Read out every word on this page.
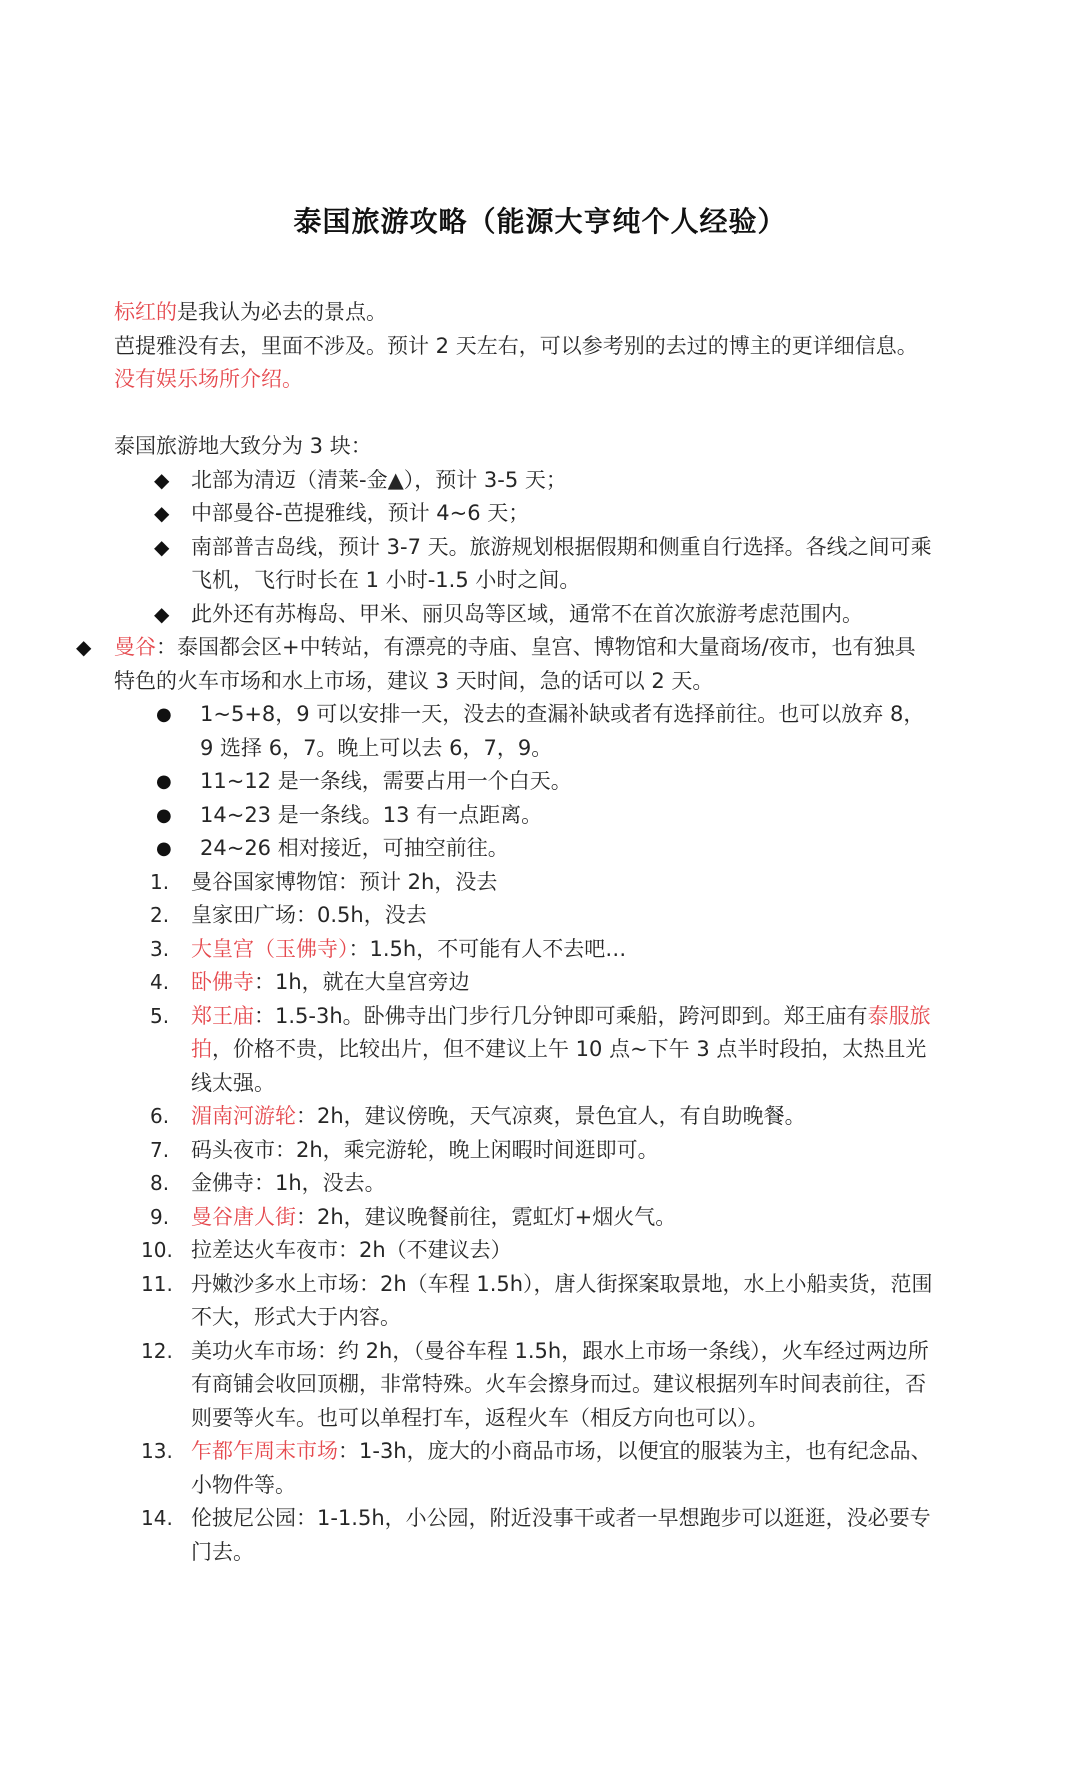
泰国旅游攻略（能源大亨纯个人经验）

标红的是我认为必去的景点。

芭提雅没有去，里面不涉及。预计 2 天左右，可以参考别的去过的博主的更详细信息。

没有娱乐场所介绍。

泰国旅游地大致分为 3 块：

◆ 北部为清迈（清莱-金▲），预计 3-5 天；
◆ 中部曼谷-芭提雅线，预计 4~6 天；
◆ 南部普吉岛线，预计 3-7 天。旅游规划根据假期和侧重自行选择。各线之间可乘飞机，飞行时长在 1 小时-1.5 小时之间。
◆ 此外还有苏梅岛、甲米、丽贝岛等区域，通常不在首次旅游考虑范围内。
◆ 曼谷：泰国都会区+中转站，有漂亮的寺庙、皇宫、博物馆和大量商场/夜市，也有独具特色的火车市场和水上市场，建议 3 天时间，急的话可以 2 天。
● 1~5+8，9 可以安排一天，没去的查漏补缺或者有选择前往。也可以放弃 8，9 选择 6，7。晚上可以去 6，7，9。
● 11~12 是一条线，需要占用一个白天。
● 14~23 是一条线。13 有一点距离。
● 24~26 相对接近，可抽空前往。
1. 曼谷国家博物馆：预计 2h，没去
2. 皇家田广场：0.5h，没去
3. 大皇宫（玉佛寺）：1.5h，不可能有人不去吧…
4. 卧佛寺：1h，就在大皇宫旁边
5. 郑王庙：1.5-3h。卧佛寺出门步行几分钟即可乘船，跨河即到。郑王庙有泰服旅拍，价格不贵，比较出片，但不建议上午 10 点~下午 3 点半时段拍，太热且光线太强。
6. 湄南河游轮：2h，建议傍晚，天气凉爽，景色宜人，有自助晚餐。
7. 码头夜市：2h，乘完游轮，晚上闲暇时间逛即可。
8. 金佛寺：1h，没去。
9. 曼谷唐人街：2h，建议晚餐前往，霓虹灯+烟火气。
10. 拉差达火车夜市：2h（不建议去）
11. 丹嫩沙多水上市场：2h（车程 1.5h），唐人街探案取景地，水上小船卖货，范围不大，形式大于内容。
12. 美功火车市场：约 2h，（曼谷车程 1.5h，跟水上市场一条线），火车经过两边所有商铺会收回顶棚，非常特殊。火车会擦身而过。建议根据列车时间表前往，否则要等火车。也可以单程打车，返程火车（相反方向也可以）。
13. 乍都乍周末市场：1-3h，庞大的小商品市场，以便宜的服装为主，也有纪念品、小物件等。
14. 伦披尼公园：1-1.5h，小公园，附近没事干或者一早想跑步可以逛逛，没必要专门去。
